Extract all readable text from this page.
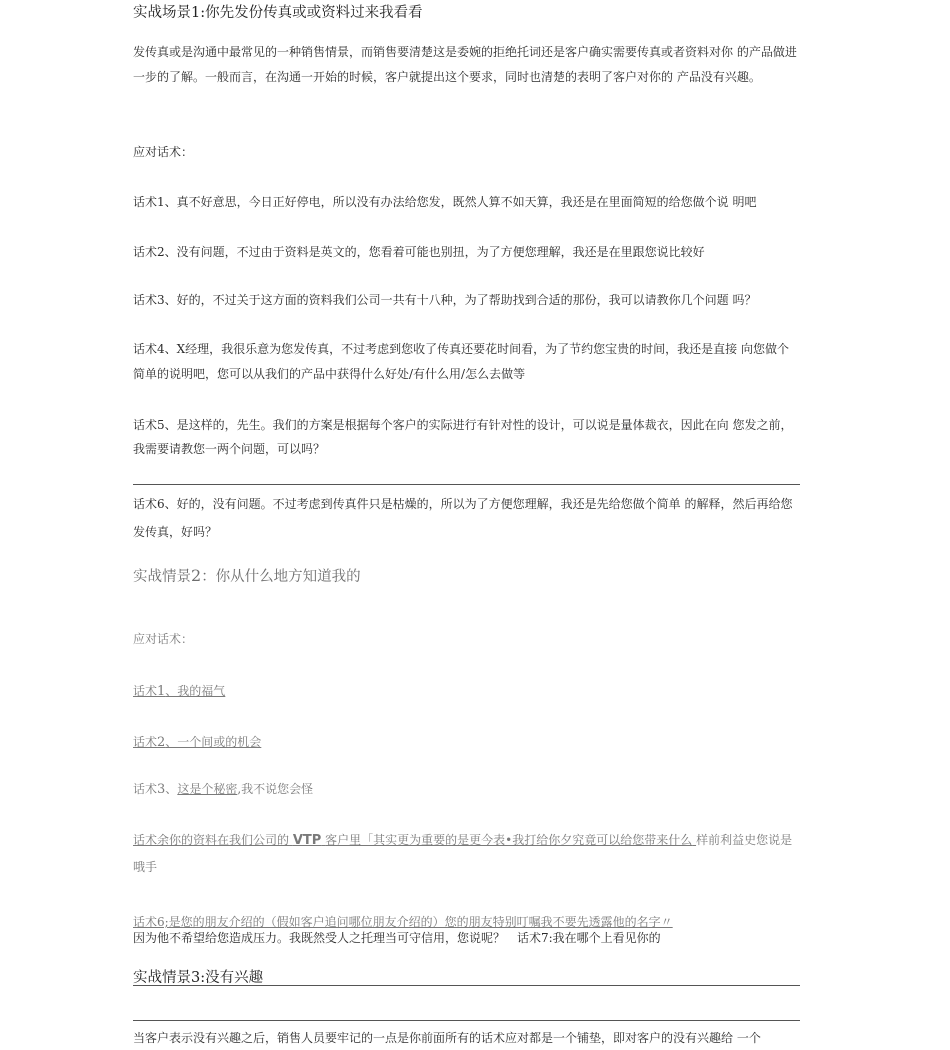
实战场景1:你先发份传真或或资料过来我看看

发传真或是沟通中最常见的一种销售情景，而销售要清楚这是委婉的拒绝托词还是客户确实需要传真或者资料对你 的产品做进一步的了解。一般而言，在沟通一开始的时候，客户就提出这个要求，同时也清楚的表明了客户对你的 产品没有兴趣。

应对话术：

话术1、真不好意思，今日正好停电，所以没有办法给您发，既然人算不如天算，我还是在里面简短的给您做个说 明吧

话术2、没有问题，不过由于资料是英文的，您看着可能也别扭，为了方便您理解，我还是在里跟您说比较好

话术3、好的，不过关于这方面的资料我们公司一共有十八种，为了帮助找到合适的那份，我可以请教你几个问题 吗？

话术4、X经理，我很乐意为您发传真，不过考虑到您收了传真还要花时间看，为了节约您宝贵的时间，我还是直接 向您做个简单的说明吧，您可以从我们的产品中获得什么好处/有什么用/怎么去做等

话术5、是这样的，先生。我们的方案是根据每个客户的实际进行有针对性的设计，可以说是量体裁衣，因此在向 您发之前，我需要请教您一两个问题，可以吗？

话术6、好的，没有问题。不过考虑到传真件只是枯燥的，所以为了方便您理解，我还是先给您做个简单 的解释，然后再给您发传真，好吗？

实战情景2：你从什么地方知道我的
应对话术：
话术1、我的福气
话术2、一个间或的机会
话术3、这是个秘密,我不说您会怪

话术余你的资料在我们公司的 VTP 客户里「其实更为重要的是更今表•我打给你夕究竟可以给您带来什么 样前利益史您说是哦手

话术6;是您的朋友介绍的（假如客户追问哪位朋友介绍的）您的朋友特别叮嘱我不要先透露他的名字〃
因为他不希望给您造成压力。我既然受人之托理当可守信用，您说呢？　话术7:我在哪个上看见你的
实战情景3:没有兴趣
当客户表示没有兴趣之后，销售人员要牢记的一点是你前面所有的话术应对都是一个铺垫，即对客户的没有兴趣给 一个
